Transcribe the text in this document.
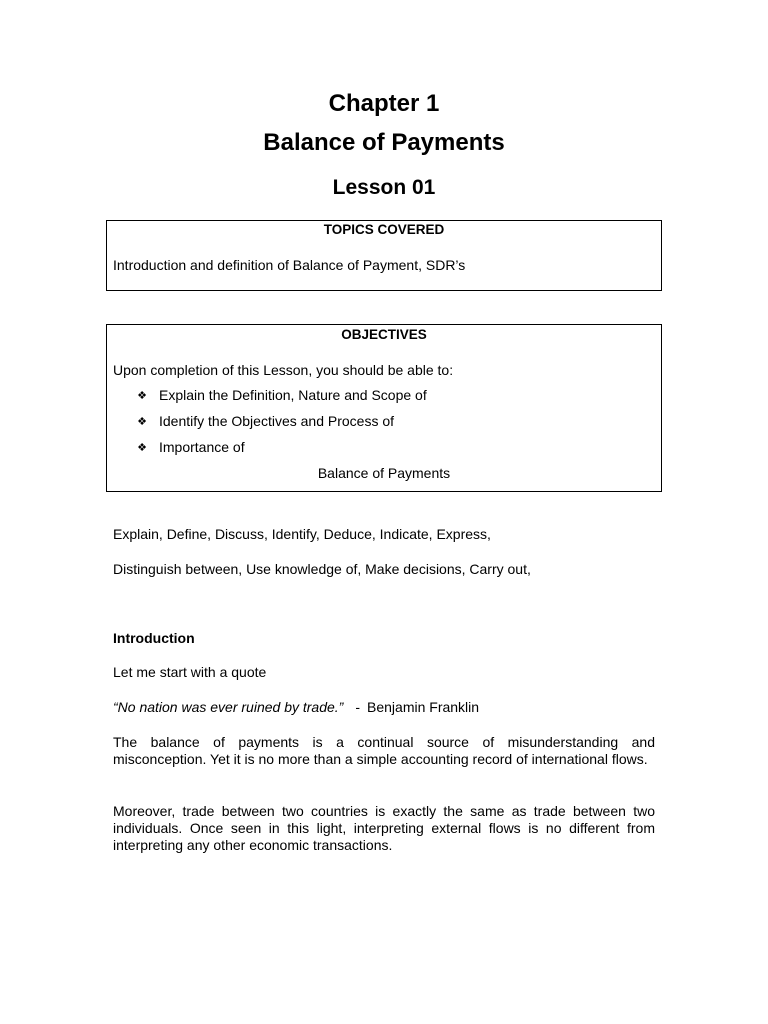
Chapter 1
Balance of Payments
Lesson 01
TOPICS COVERED
Introduction and definition of Balance of Payment, SDR’s
OBJECTIVES
Upon completion of this Lesson, you should be able to:
❖ Explain the Definition, Nature and Scope of
❖ Identify the Objectives and Process of
❖ Importance of
Balance of Payments

Explain, Define, Discuss, Identify, Deduce, Indicate, Express,

Distinguish between, Use knowledge of, Make decisions, Carry out,

Introduction

Let me start with a quote

“No nation was ever ruined by trade.” - Benjamin Franklin

The balance of payments is a continual source of misunderstanding and misconception. Yet it is no more than a simple accounting record of international flows.

Moreover, trade between two countries is exactly the same as trade between two individuals. Once seen in this light, interpreting external flows is no different from interpreting any other economic transactions.
